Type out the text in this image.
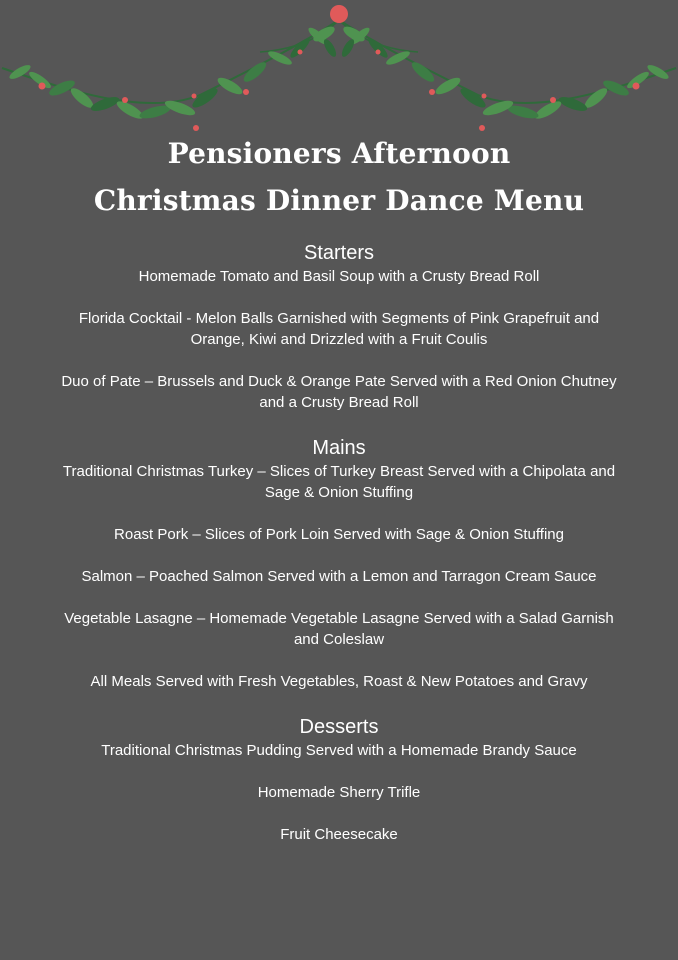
Pensioners Afternoon
Christmas Dinner Dance Menu

Starters

Homemade Tomato and Basil Soup with a Crusty Bread Roll

Florida Cocktail - Melon Balls Garnished with Segments of Pink Grapefruit and Orange, Kiwi and Drizzled with a Fruit Coulis

Duo of Pate – Brussels and Duck & Orange Pate Served with a Red Onion Chutney and a Crusty Bread Roll

Mains

Traditional Christmas Turkey – Slices of Turkey Breast Served with a Chipolata and Sage & Onion Stuffing

Roast Pork – Slices of Pork Loin Served with Sage & Onion Stuffing

Salmon – Poached Salmon Served with a Lemon and Tarragon Cream Sauce

Vegetable Lasagne – Homemade Vegetable Lasagne Served with a Salad Garnish and Coleslaw

All Meals Served with Fresh Vegetables, Roast & New Potatoes and Gravy

Desserts

Traditional Christmas Pudding Served with a Homemade Brandy Sauce

Homemade Sherry Trifle

Fruit Cheesecake
